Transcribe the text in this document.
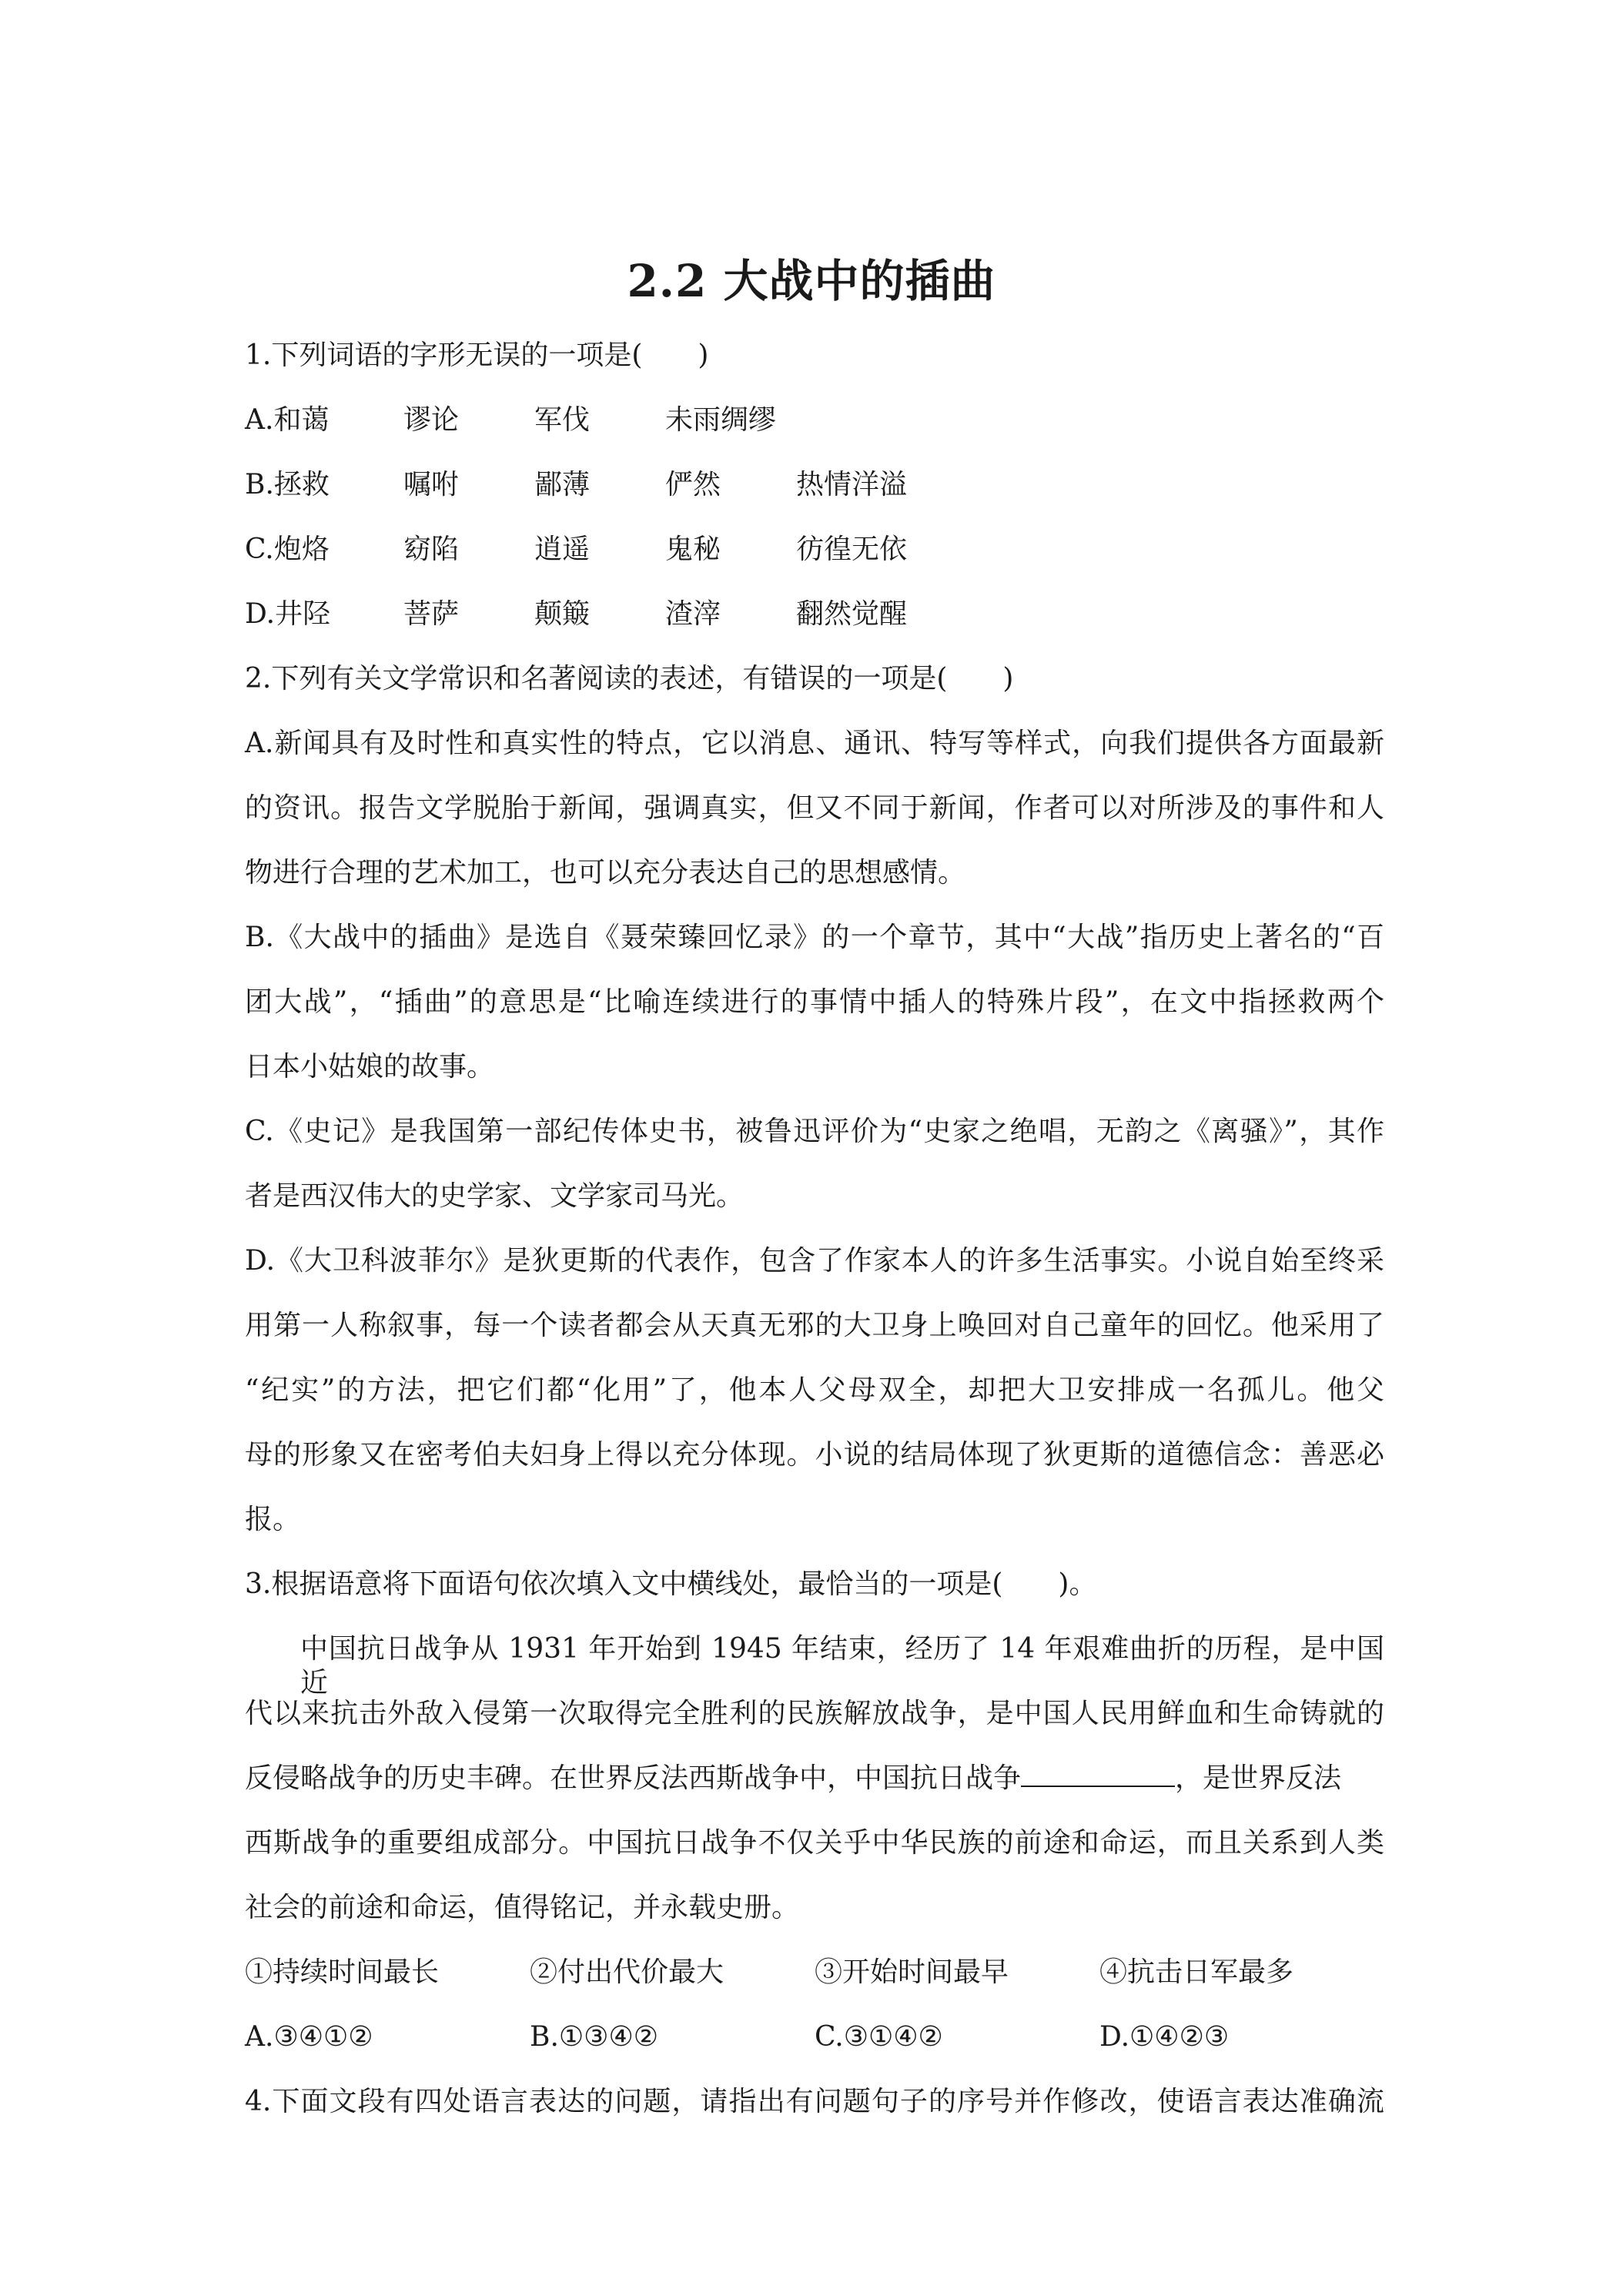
2.2 大战中的插曲
1.下列词语的字形无误的一项是(　　)
A.和蔼	谬论	军伐	未雨绸缪
B.拯救	嘱咐	鄙薄	俨然	热情洋溢
C.炮烙	窈陷	逍遥	鬼秘	彷徨无依
D.井陉	菩萨	颠簸	渣滓	翻然觉醒
2.下列有关文学常识和名著阅读的表述，有错误的一项是(　　)
A.新闻具有及时性和真实性的特点，它以消息、通讯、特写等样式，向我们提供各方面最新
的资讯。报告文学脱胎于新闻，强调真实，但又不同于新闻，作者可以对所涉及的事件和人
物进行合理的艺术加工，也可以充分表达自己的思想感情。
B.《大战中的插曲》是选自《聂荣臻回忆录》的一个章节，其中“大战”指历史上著名的“百
团大战”，“插曲”的意思是“比喻连续进行的事情中插人的特殊片段”，在文中指拯救两个
日本小姑娘的故事。
C.《史记》是我国第一部纪传体史书，被鲁迅评价为“史家之绝唱，无韵之《离骚》”，其作
者是西汉伟大的史学家、文学家司马光。
D.《大卫科波菲尔》是狄更斯的代表作，包含了作家本人的许多生活事实。小说自始至终采
用第一人称叙事，每一个读者都会从天真无邪的大卫身上唤回对自己童年的回忆。他采用了
“纪实”的方法，把它们都“化用”了，他本人父母双全，却把大卫安排成一名孤儿。他父
母的形象又在密考伯夫妇身上得以充分体现。小说的结局体现了狄更斯的道德信念：善恶必
报。
3.根据语意将下面语句依次填入文中横线处，最恰当的一项是(　　)。
中国抗日战争从 1931 年开始到 1945 年结束，经历了 14 年艰难曲折的历程，是中国近
代以来抗击外敌入侵第一次取得完全胜利的民族解放战争，是中国人民用鲜血和生命铸就的
反侵略战争的历史丰碑。在世界反法西斯战争中，中国抗日战争	，是世界反法
西斯战争的重要组成部分。中国抗日战争不仅关乎中华民族的前途和命运，而且关系到人类
社会的前途和命运，值得铭记，并永载史册。
①持续时间最长	②付出代价最大	③开始时间最早	④抗击日军最多
A.③④①②	B.①③④②	C.③①④②	D.①④②③
4.下面文段有四处语言表达的问题，请指出有问题句子的序号并作修改，使语言表达准确流
